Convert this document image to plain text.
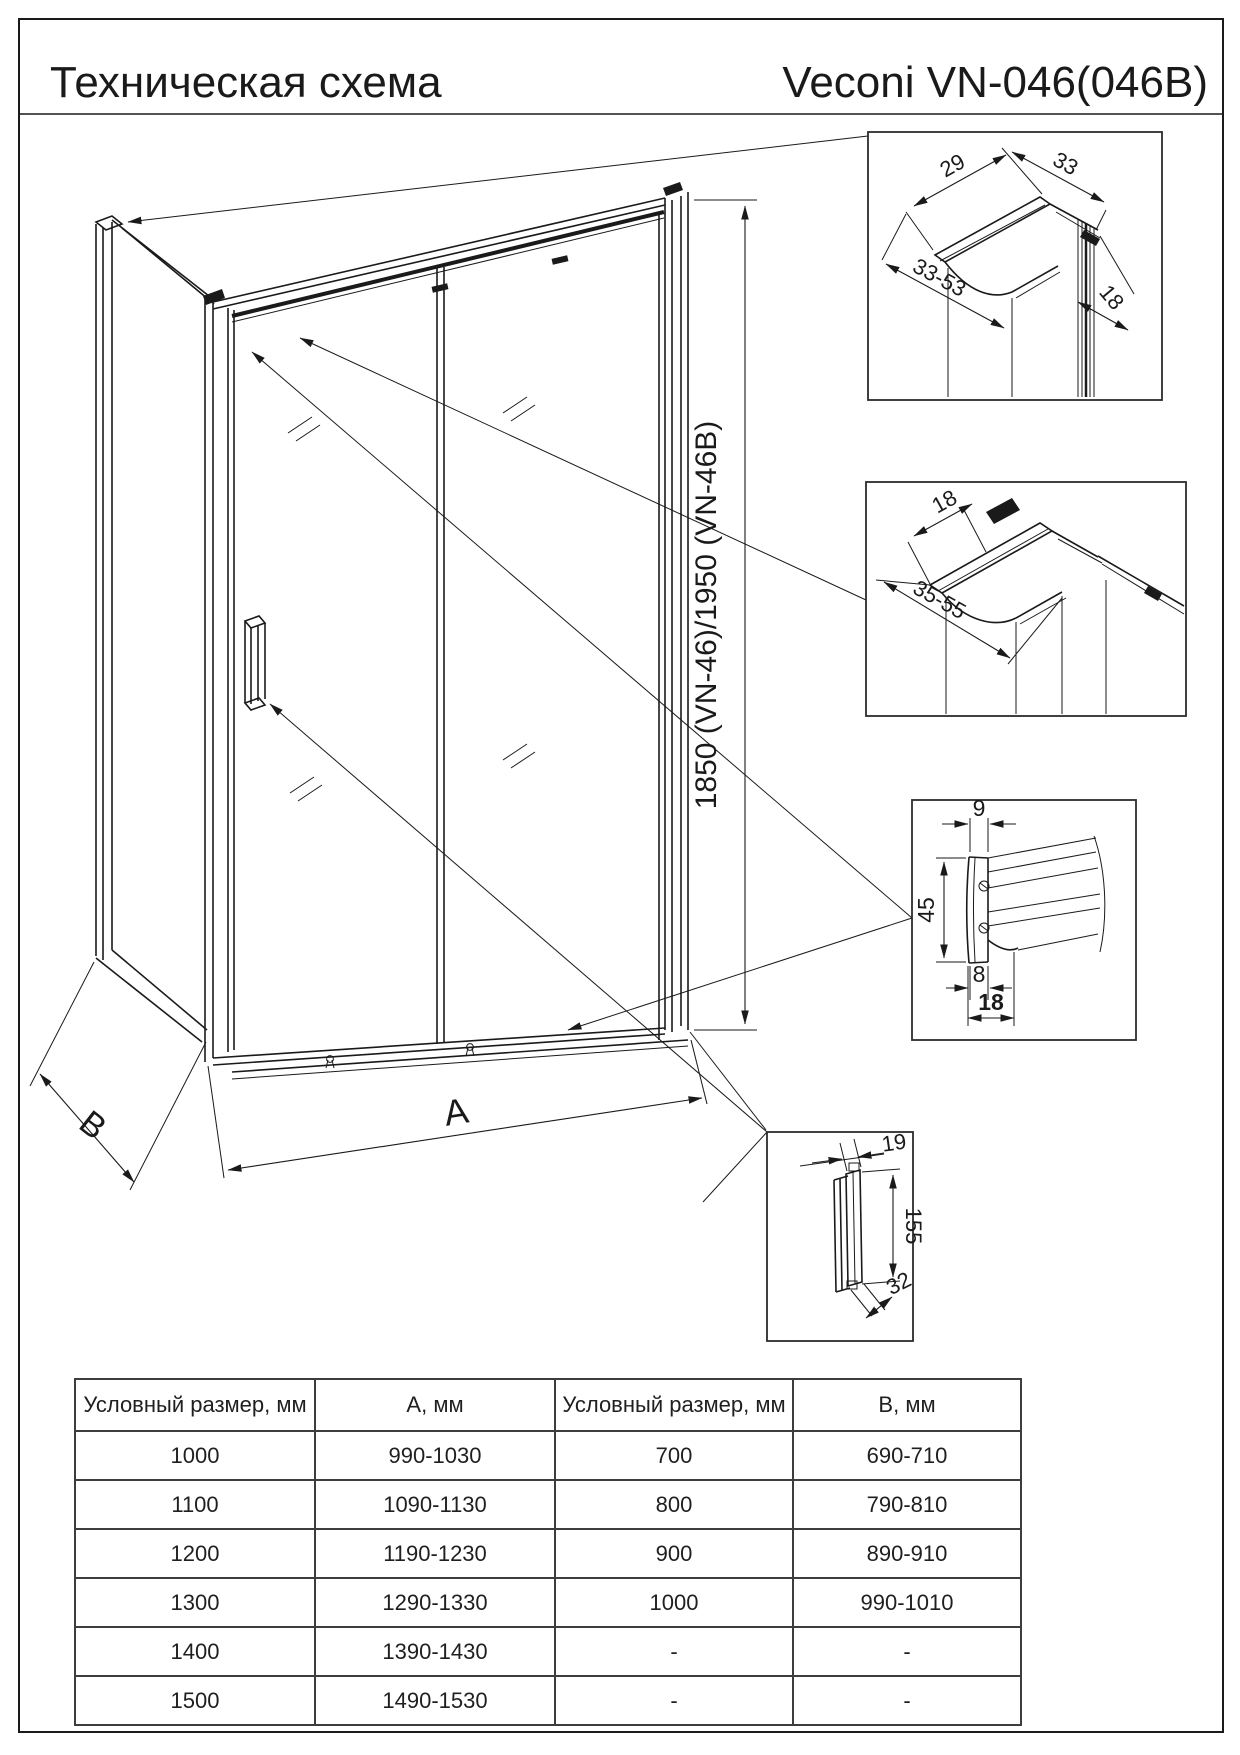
1850 (VN-46)/1950 (VN-46B)
A
B
29	33
33-53	18
18
35-55
9
45
8
18
19
155
32
Техническая схема	Veconi VN-046(046B)
Условный размер, мм	А, мм	Условный размер, мм	В, мм
1000	990-1030	700	690-710
1100	1090-1130	800	790-810
1200	1190-1230	900	890-910
1300	1290-1330	1000	990-1010
1400	1390-1430	-	-
1500	1490-1530	-	-
